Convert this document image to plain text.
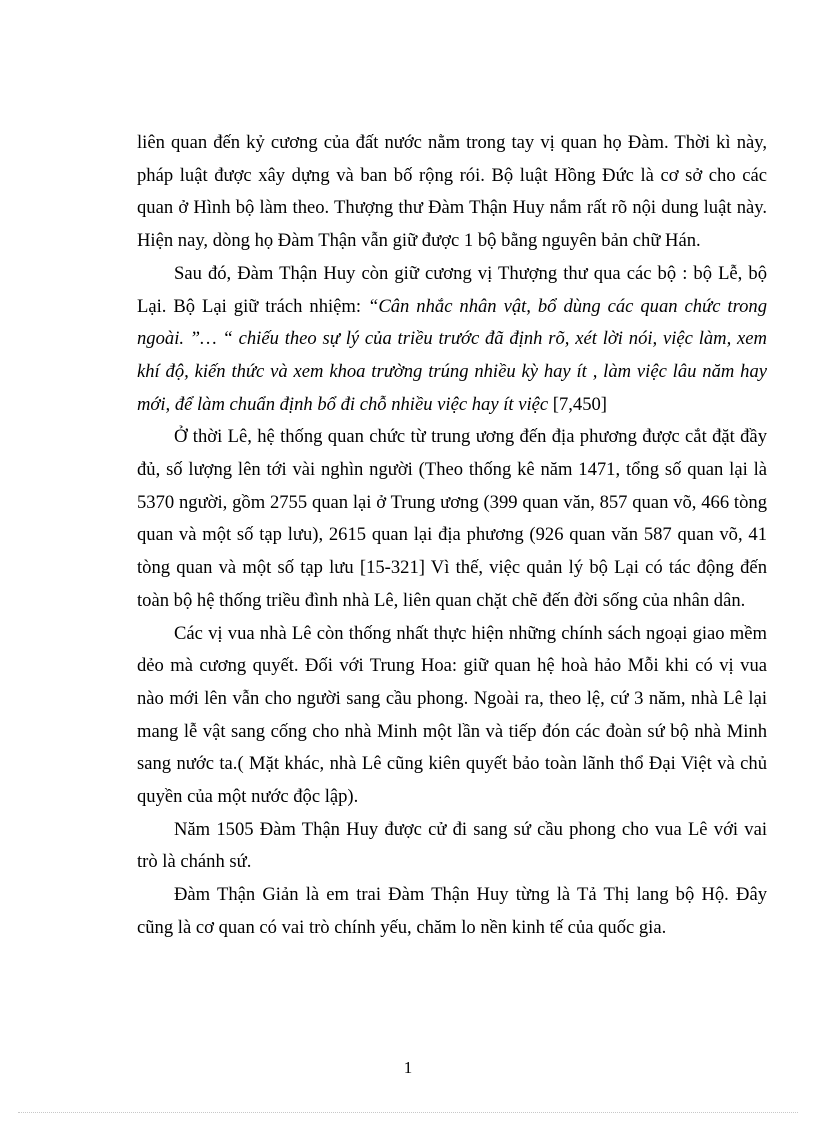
liên quan đến kỷ cương của đất nước nằm trong tay vị quan họ Đàm. Thời kì này, pháp luật được xây dựng và ban bố rộng rói. Bộ luật Hồng Đức là cơ sở cho các quan ở Hình bộ làm theo. Thượng thư Đàm Thận Huy nắm rất rõ nội dung luật này. Hiện nay, dòng họ Đàm Thận vẫn giữ được 1 bộ bằng nguyên bản chữ Hán.

Sau đó, Đàm Thận Huy còn giữ cương vị Thượng thư qua các bộ : bộ Lễ, bộ Lại. Bộ Lại giữ trách nhiệm: “Cân nhắc nhân vật, bổ dùng các quan chức trong ngoài. ”… “ chiếu theo sự lý của triều trước đã định rõ, xét lời nói, việc làm, xem khí độ, kiến thức và xem khoa trường trúng nhiều kỳ hay ít , làm việc lâu năm hay mới, để làm chuẩn định bổ đi chỗ nhiều việc hay ít việc [7,450]

Ở thời Lê, hệ thống quan chức từ trung ương đến địa phương được cắt đặt đầy đủ, số lượng lên tới vài nghìn người (Theo thống kê năm 1471, tổng số quan lại là 5370 người, gồm 2755 quan lại ở Trung ương (399 quan văn, 857 quan võ, 466 tòng quan và một số tạp lưu), 2615 quan lại địa phương (926 quan văn 587 quan võ, 41 tòng quan và một số tạp lưu [15-321] Vì thế, việc quản lý bộ Lại có tác động đến toàn bộ hệ thống triều đình nhà Lê, liên quan chặt chẽ đến đời sống của nhân dân.

Các vị vua nhà Lê còn thống nhất thực hiện những chính sách ngoại giao mềm dẻo mà cương quyết. Đối với Trung Hoa: giữ quan hệ hoà hảo Mỗi khi có vị vua nào mới lên vẫn cho người sang cầu phong. Ngoài ra, theo lệ, cứ 3 năm, nhà Lê lại mang lễ vật sang cống cho nhà Minh một lần và tiếp đón các đoàn sứ bộ nhà Minh sang nước ta.( Mặt khác, nhà Lê cũng kiên quyết bảo toàn lãnh thổ Đại Việt và chủ quyền của một nước độc lập).

Năm 1505 Đàm Thận Huy được cử đi sang sứ cầu phong cho vua Lê với vai trò là chánh sứ.

Đàm Thận Giản là em trai Đàm Thận Huy từng là Tả Thị lang bộ Hộ. Đây cũng là cơ quan có vai trò chính yếu, chăm lo nền kinh tế của quốc gia.

1
